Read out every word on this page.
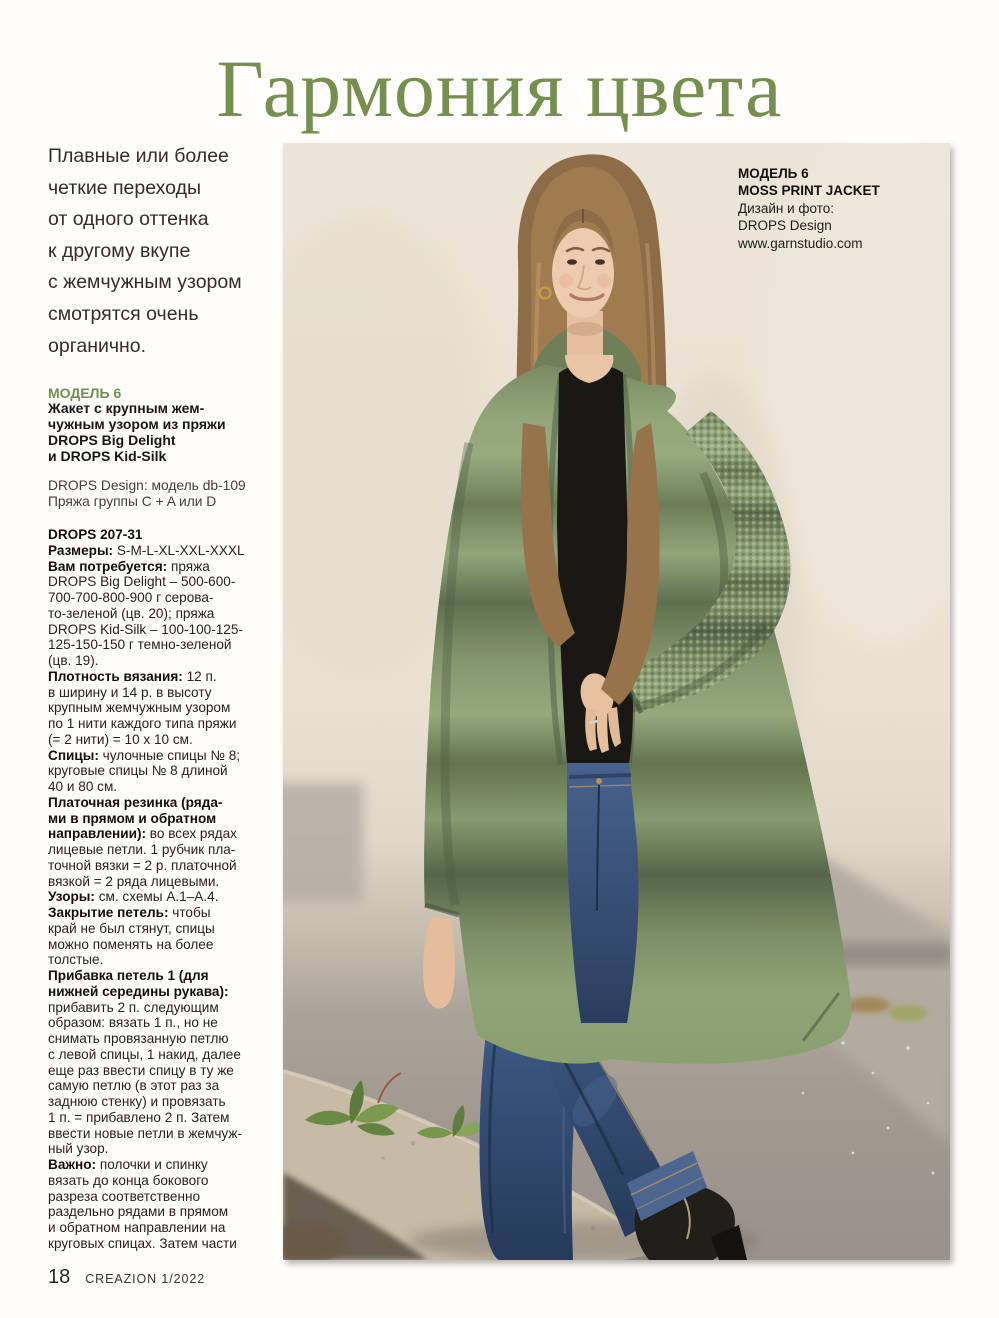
Гармония цвета
Плавные или более
четкие переходы
от одного оттенка
к другому вкупе
с жемчужным узором
смотрятся очень
органично.
МОДЕЛЬ 6
Жакет с крупным жем-
чужным узором из пряжи
DROPS Big Delight
и DROPS Kid-Silk
DROPS Design: модель db-109
Пряжа группы C + A или D
DROPS 207-31
Размеры: S-M-L-XL-XXL-XXXL
Вам потребуется: пряжа
DROPS Big Delight – 500-600-
700-700-800-900 г серова-
то-зеленой (цв. 20); пряжа
DROPS Kid-Silk – 100-100-125-
125-150-150 г темно-зеленой
(цв. 19).
Плотность вязания: 12 п.
в ширину и 14 р. в высоту
крупным жемчужным узором
по 1 нити каждого типа пряжи
(= 2 нити) = 10 х 10 см.
Спицы: чулочные спицы № 8;
круговые спицы № 8 длиной
40 и 80 см.
Платочная резинка (ряда-
ми в прямом и обратном
направлении): во всех рядах
лицевые петли. 1 рубчик пла-
точной вязки = 2 р. платочной
вязкой = 2 ряда лицевыми.
Узоры: см. схемы А.1–А.4.
Закрытие петель: чтобы
край не был стянут, спицы
можно поменять на более
толстые.
Прибавка петель 1 (для
нижней середины рукава):
прибавить 2 п. следующим
образом: вязать 1 п., но не
снимать провязанную петлю
с левой спицы, 1 накид, далее
еще раз ввести спицу в ту же
самую петлю (в этот раз за
заднюю стенку) и провязать
1 п. = прибавлено 2 п. Затем
ввести новые петли в жемчуж-
ный узор.
Важно: полочки и спинку
вязать до конца бокового
разреза соответственно
раздельно рядами в прямом
и обратном направлении на
круговых спицах. Затем части
МОДЕЛЬ 6
MOSS PRINT JACKET
Дизайн и фото:
DROPS Design
www.garnstudio.com
18 CREAZION 1/2022
